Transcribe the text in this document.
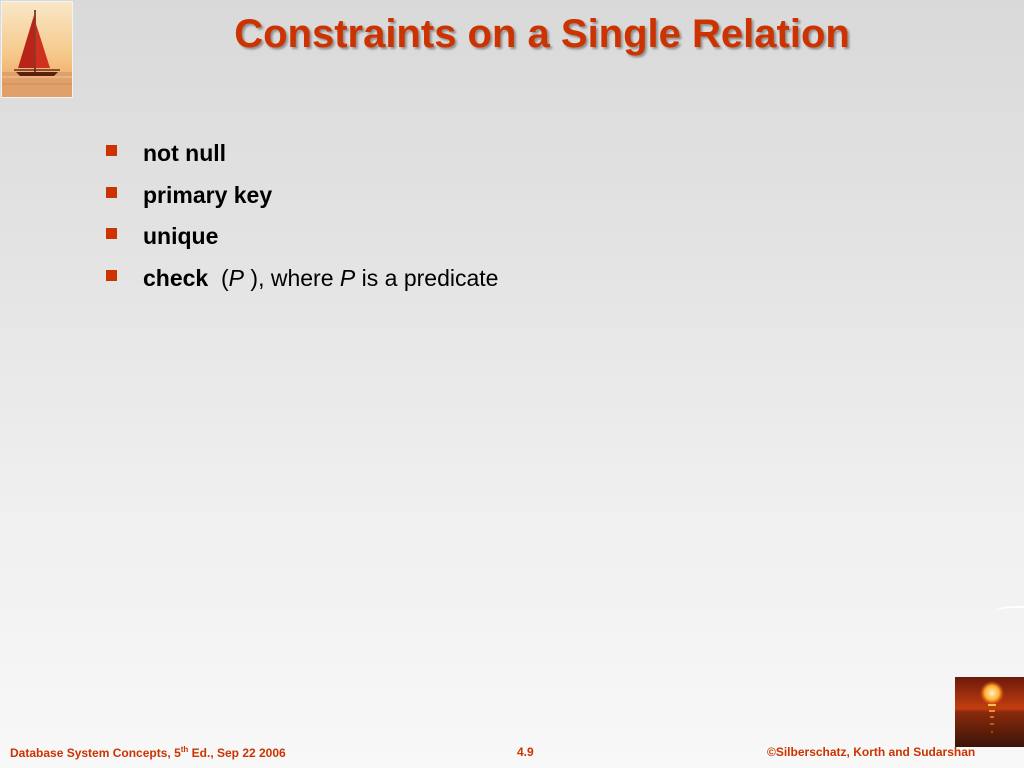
Constraints on a Single Relation
not null
primary key
unique
check (P ), where P is a predicate
Database System Concepts, 5th Ed., Sep 22 2006	4.9	©Silberschatz, Korth and Sudarshan
